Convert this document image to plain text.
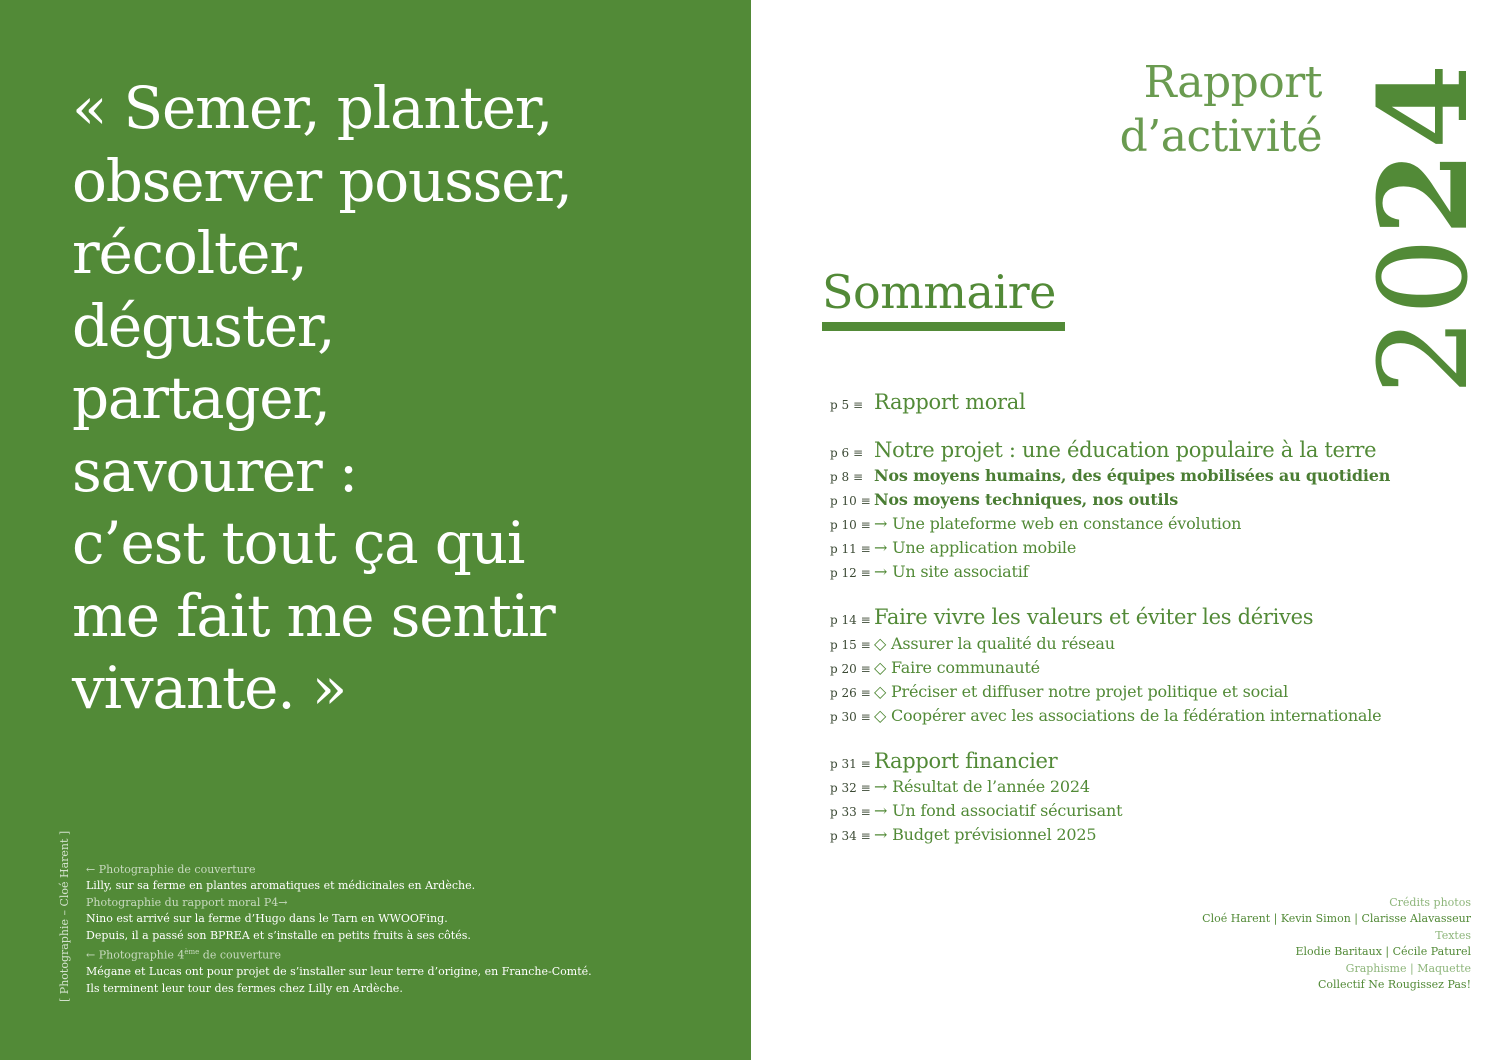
« Semer, planter,
observer pousser,
récolter,
déguster,
partager,
savourer :
c’est tout ça qui
me fait me sentir
vivante. »

[ Photographie – Cloé Harent ] ← Photographie de couverture
Lilly, sur sa ferme en plantes aromatiques et médicinales en Ardèche.
Photographie du rapport moral P4→
Nino est arrivé sur la ferme d’Hugo dans le Tarn en WWOOFing.
Depuis, il a passé son BPREA et s’installe en petits fruits à ses côtés.
← Photographie 4ème de couverture
Mégane et Lucas ont pour projet de s’installer sur leur terre d’origine, en Franche-Comté.
Ils terminent leur tour des fermes chez Lilly en Ardèche.
Rapport
d’activité
2024
Sommaire
p 5 ≡ Rapport moral
p 6 ≡ Notre projet : une éducation populaire à la terre
p 8 ≡ Nos moyens humains, des équipes mobilisées au quotidien
p 10 ≡ Nos moyens techniques, nos outils
p 10 ≡ → Une plateforme web en constance évolution
p 11 ≡ → Une application mobile
p 12 ≡ → Un site associatif
p 14 ≡ Faire vivre les valeurs et éviter les dérives
p 15 ≡ ◇ Assurer la qualité du réseau
p 20 ≡ ◇ Faire communauté
p 26 ≡ ◇ Préciser et diffuser notre projet politique et social
p 30 ≡ ◇ Coopérer avec les associations de la fédération internationale
p 31 ≡ Rapport financier
p 32 ≡ → Résultat de l’année 2024
p 33 ≡ → Un fond associatif sécurisant
p 34 ≡ → Budget prévisionnel 2025
Crédits photos
Cloé Harent | Kevin Simon | Clarisse Alavasseur
Textes
Elodie Baritaux | Cécile Paturel
Graphisme | Maquette
Collectif Ne Rougissez Pas!
